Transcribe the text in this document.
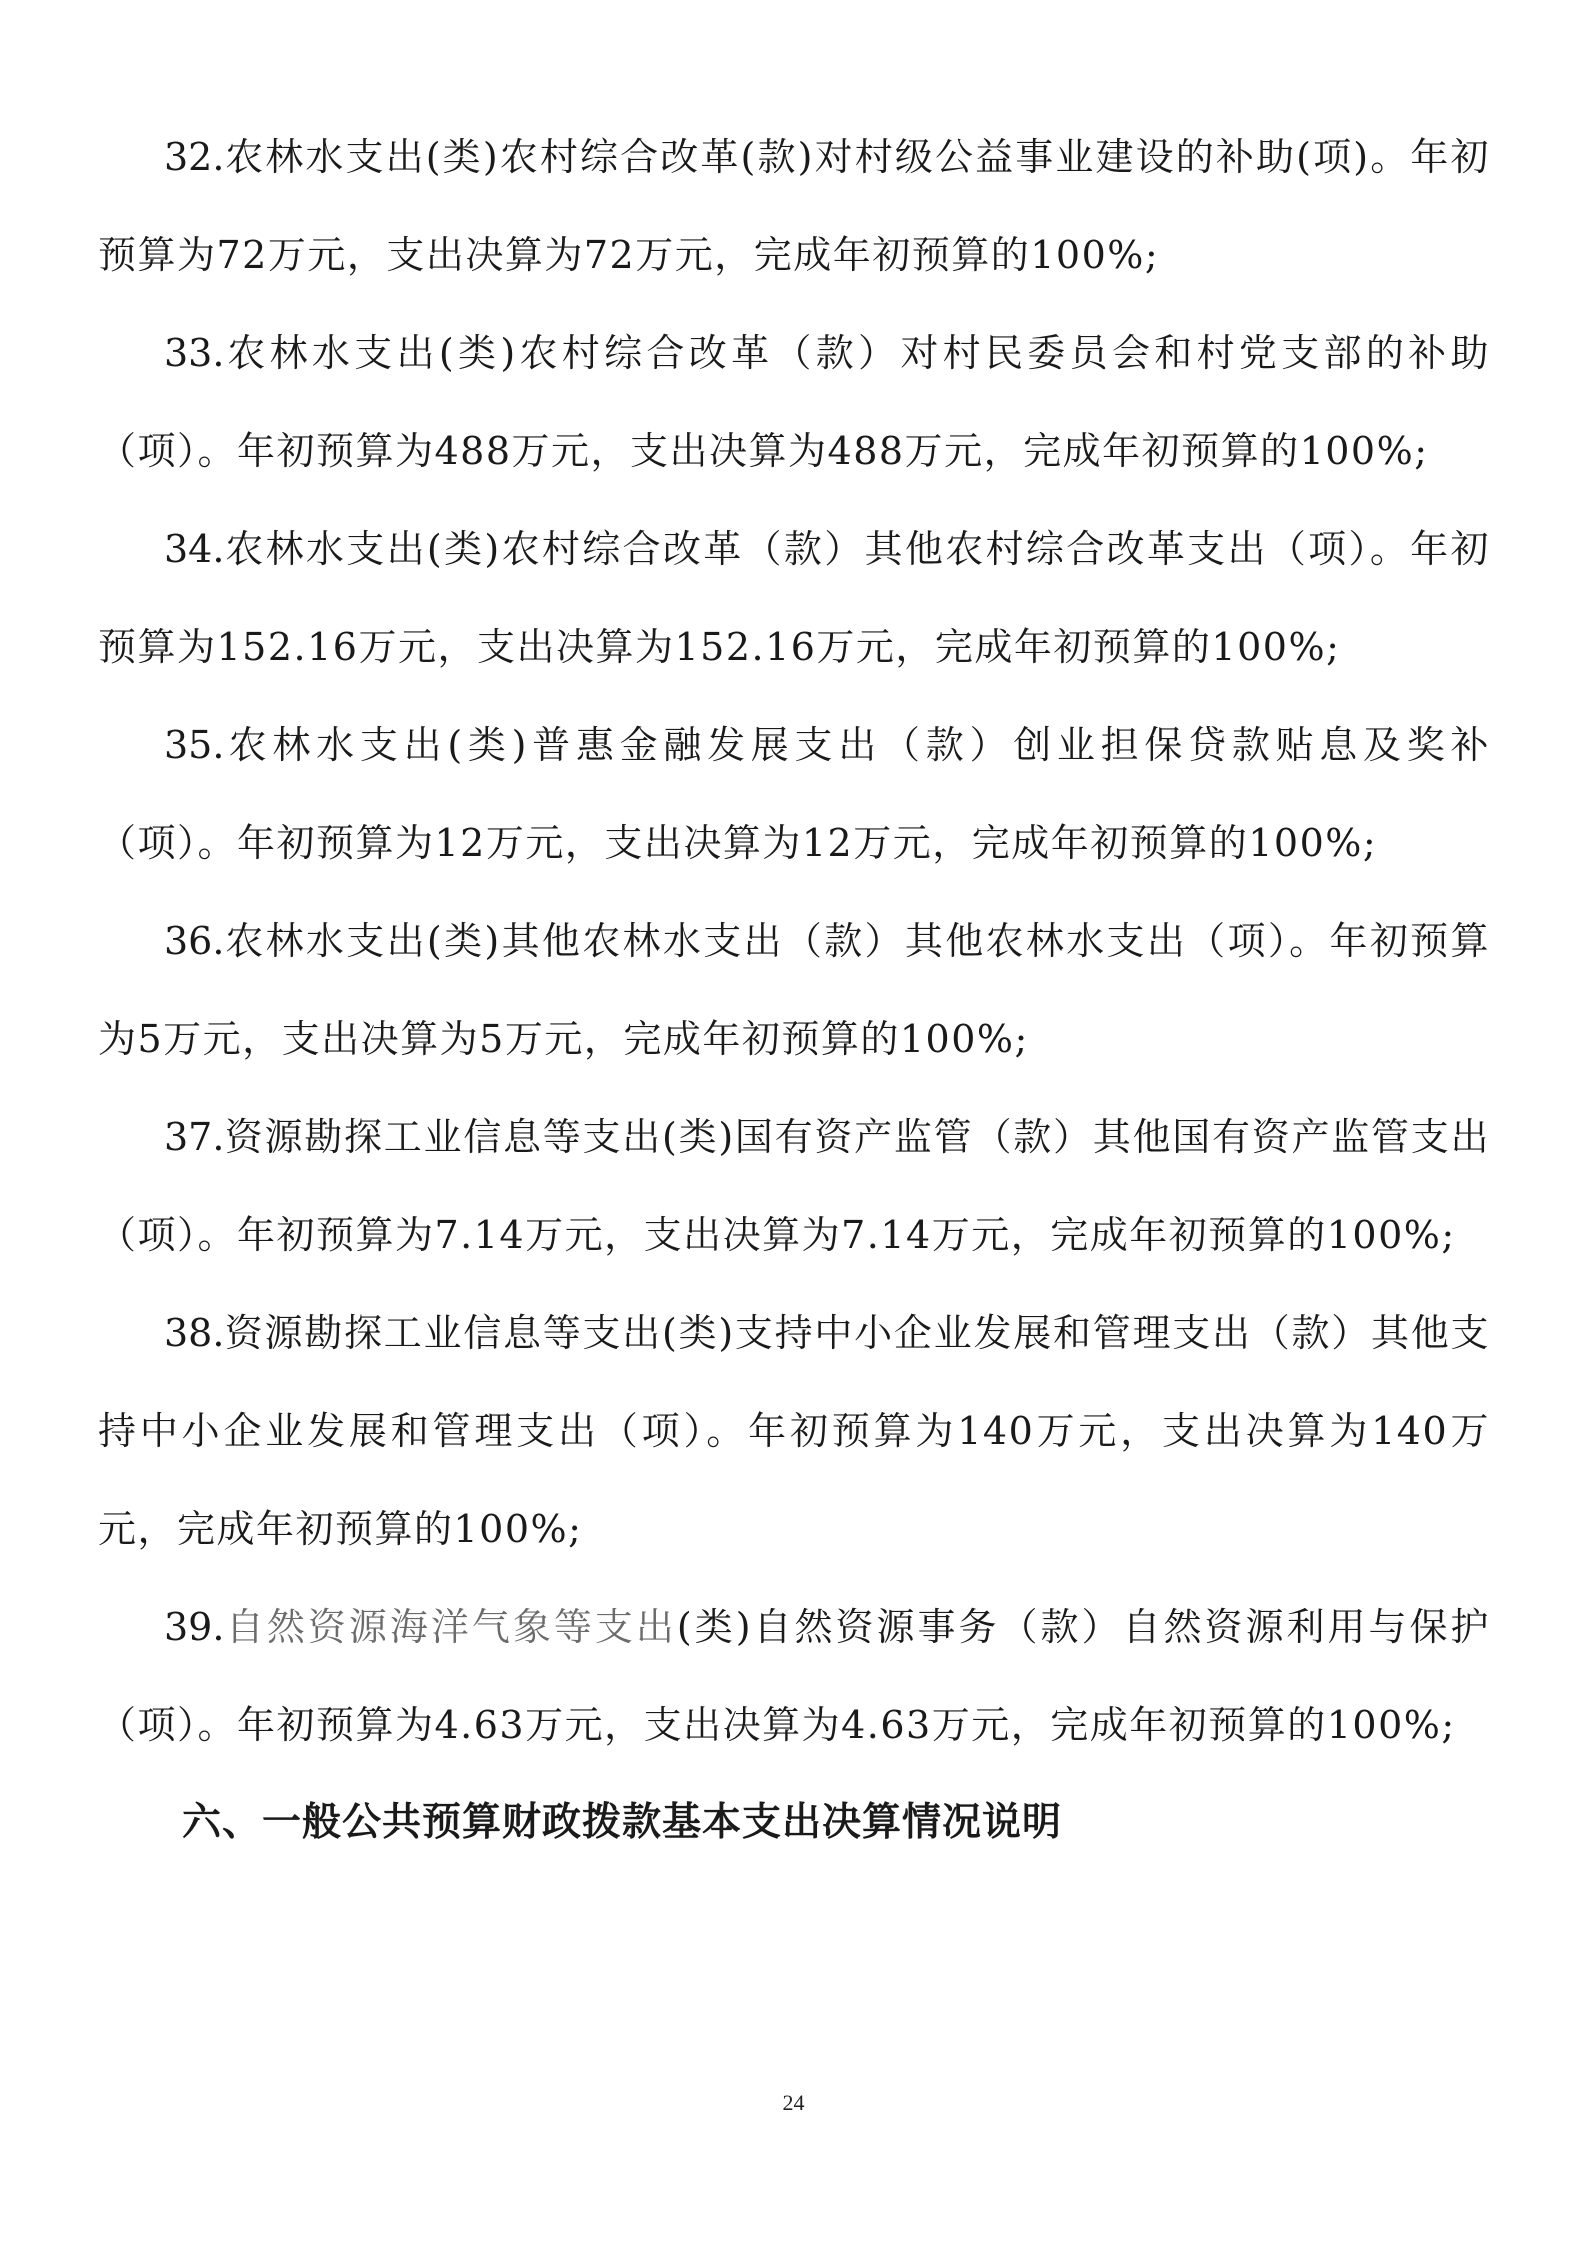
32.农林水支出(类)农村综合改革(款)对村级公益事业建设的补助(项)。年初预算为72万元，支出决算为72万元，完成年初预算的100%;

33.农林水支出(类)农村综合改革（款）对村民委员会和村党支部的补助（项）。年初预算为488万元，支出决算为488万元，完成年初预算的100%;

34.农林水支出(类)农村综合改革（款）其他农村综合改革支出（项）。年初预算为152.16万元，支出决算为152.16万元，完成年初预算的100%;

35.农林水支出(类)普惠金融发展支出（款）创业担保贷款贴息及奖补（项）。年初预算为12万元，支出决算为12万元，完成年初预算的100%;

36.农林水支出(类)其他农林水支出（款）其他农林水支出（项）。年初预算为5万元，支出决算为5万元，完成年初预算的100%;

37.资源勘探工业信息等支出(类)国有资产监管（款）其他国有资产监管支出（项）。年初预算为7.14万元，支出决算为7.14万元，完成年初预算的100%;

38.资源勘探工业信息等支出(类)支持中小企业发展和管理支出（款）其他支持中小企业发展和管理支出（项）。年初预算为140万元，支出决算为140万元，完成年初预算的100%;

39.自然资源海洋气象等支出(类)自然资源事务（款）自然资源利用与保护（项）。年初预算为4.63万元，支出决算为4.63万元，完成年初预算的100%;

六、一般公共预算财政拨款基本支出决算情况说明
24
